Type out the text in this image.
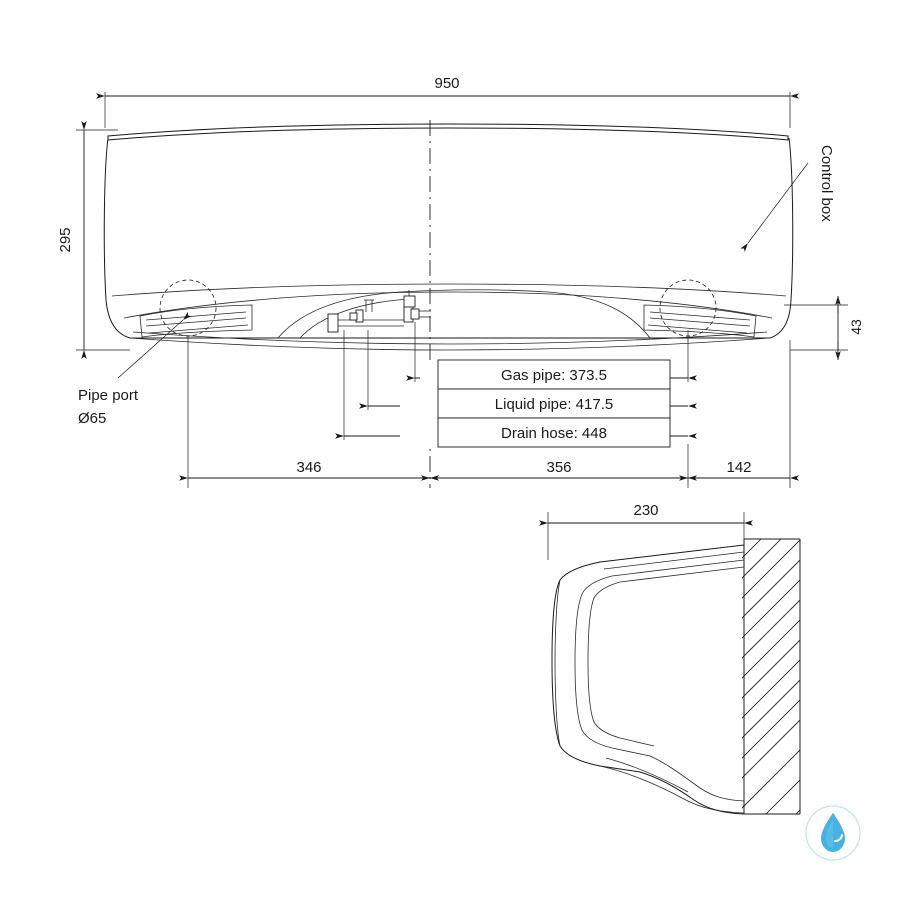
950
295
43
Control box
Pipe port
Ø65
Gas pipe: 373.5
Liquid pipe: 417.5
Drain hose: 448
346	356	142
230
